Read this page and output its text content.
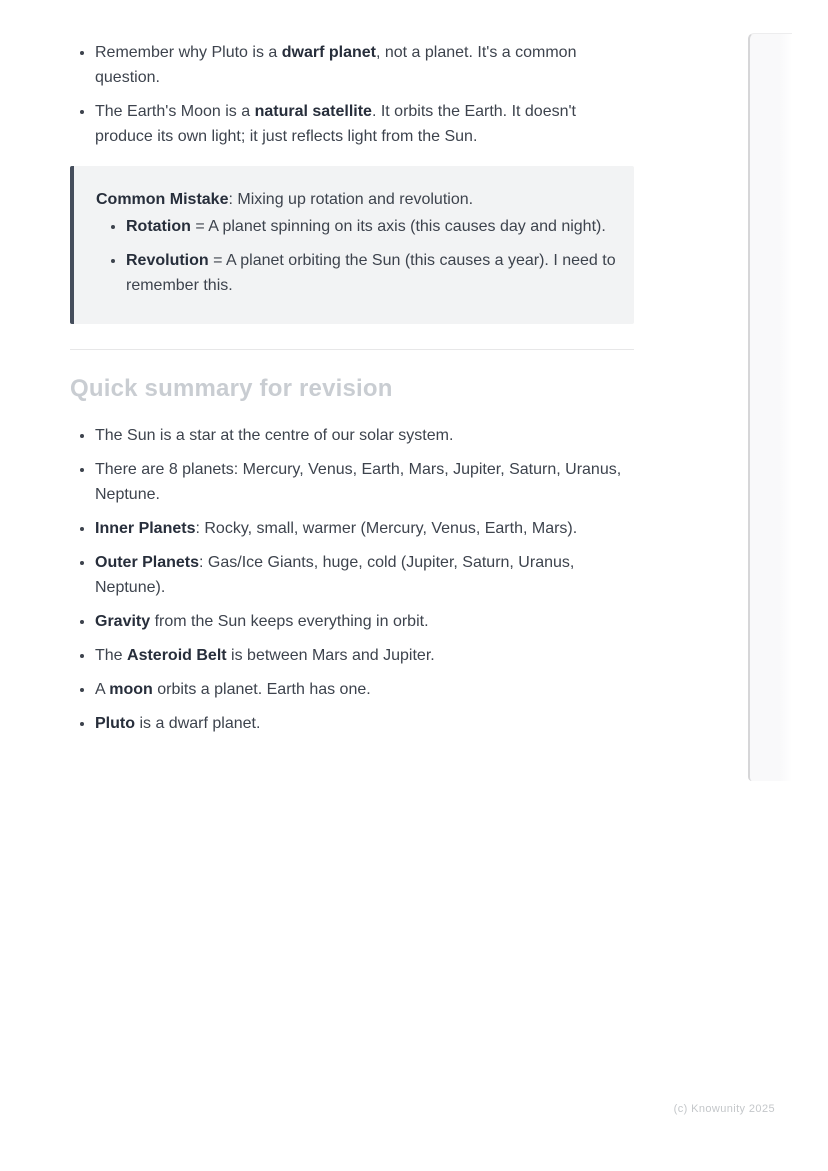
• Remember why Pluto is a dwarf planet, not a planet. It's a common question.
• The Earth's Moon is a natural satellite. It orbits the Earth. It doesn't produce its own light; it just reflects light from the Sun.

Common Mistake: Mixing up rotation and revolution.

• Rotation = A planet spinning on its axis (this causes day and night).
• Revolution = A planet orbiting the Sun (this causes a year). I need to remember this.
Quick summary for revision
• The Sun is a star at the centre of our solar system.
• There are 8 planets: Mercury, Venus, Earth, Mars, Jupiter, Saturn, Uranus, Neptune.
• Inner Planets: Rocky, small, warmer (Mercury, Venus, Earth, Mars).
• Outer Planets: Gas/Ice Giants, huge, cold (Jupiter, Saturn, Uranus, Neptune).
• Gravity from the Sun keeps everything in orbit.
• The Asteroid Belt is between Mars and Jupiter.
• A moon orbits a planet. Earth has one.
• Pluto is a dwarf planet.
(c) Knowunity 2025
